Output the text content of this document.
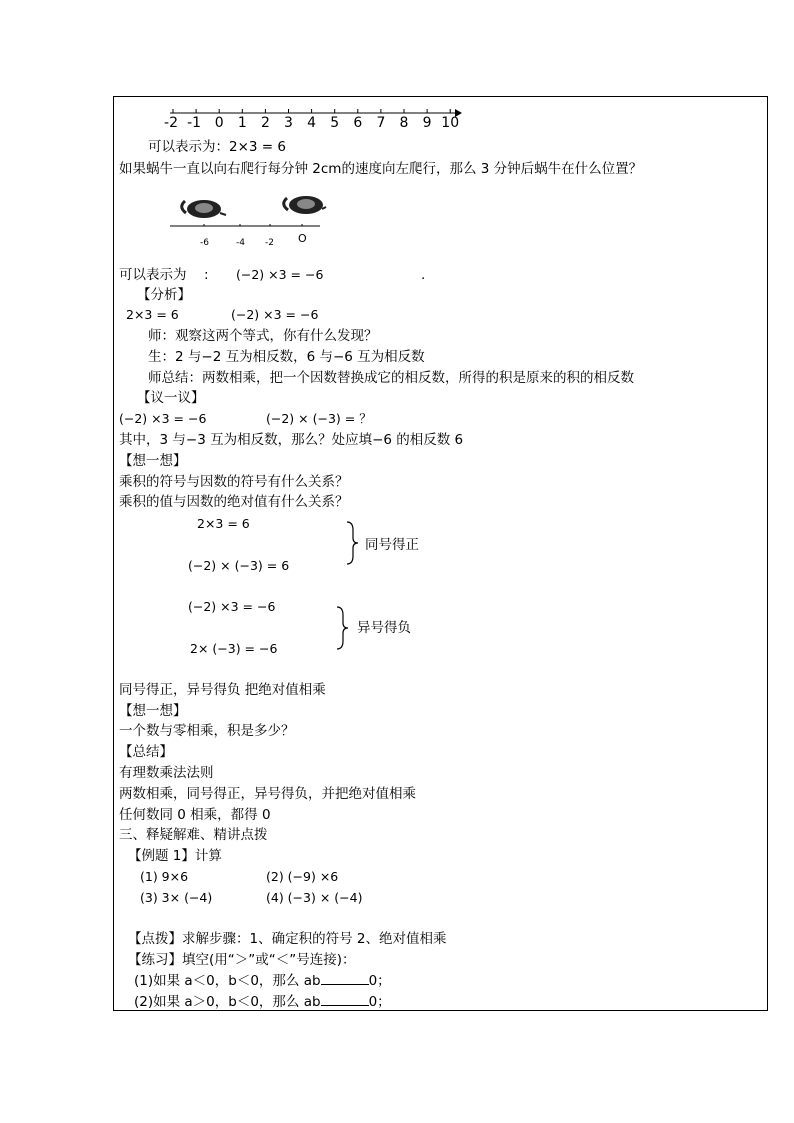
-2 -1 0 1 2 3 4 5 6 7 8 9 10
可以表示为：2×3 = 6
如果蜗牛一直以向右爬行每分钟 2cm的速度向左爬行，那么 3 分钟后蜗牛在什么位置？
-6	-4 -2 O
可以表示为 : (−2) ×3 = −6	.
【分析】
2×3 = 6	(−2) ×3 = −6
师：观察这两个等式，你有什么发现？
生：2 与−2 互为相反数，6 与−6 互为相反数
师总结：两数相乘，把一个因数替换成它的相反数，所得的积是原来的积的相反数
【议一议】
(−2) ×3 = −6	(−2) × (−3) = ？
其中，3 与−3 互为相反数，那么？处应填−6 的相反数 6
【想一想】
乘积的符号与因数的符号有什么关系？
乘积的值与因数的绝对值有什么关系？
2×3 = 6
(−2) × (−3) = 6
同号得正
(−2) ×3 = −6
2× (−3) = −6
异号得负
同号得正，异号得负 把绝对值相乘
【想一想】
一个数与零相乘，积是多少？
【总结】
有理数乘法法则
两数相乘，同号得正，异号得负，并把绝对值相乘
任何数同 0 相乘，都得 0
三、释疑解难、精讲点拨
【例题 1】计算
(1) 9×6	(2) (−9) ×6
(3) 3× (−4)	(4) (−3) × (−4)
【点拨】求解步骤：1、确定积的符号 2、绝对值相乘
【练习】填空(用“＞”或“＜”号连接)：
(1)如果 a＜0，b＜0，那么 ab	0；
(2)如果 a＞0，b＜0，那么 ab	0；
